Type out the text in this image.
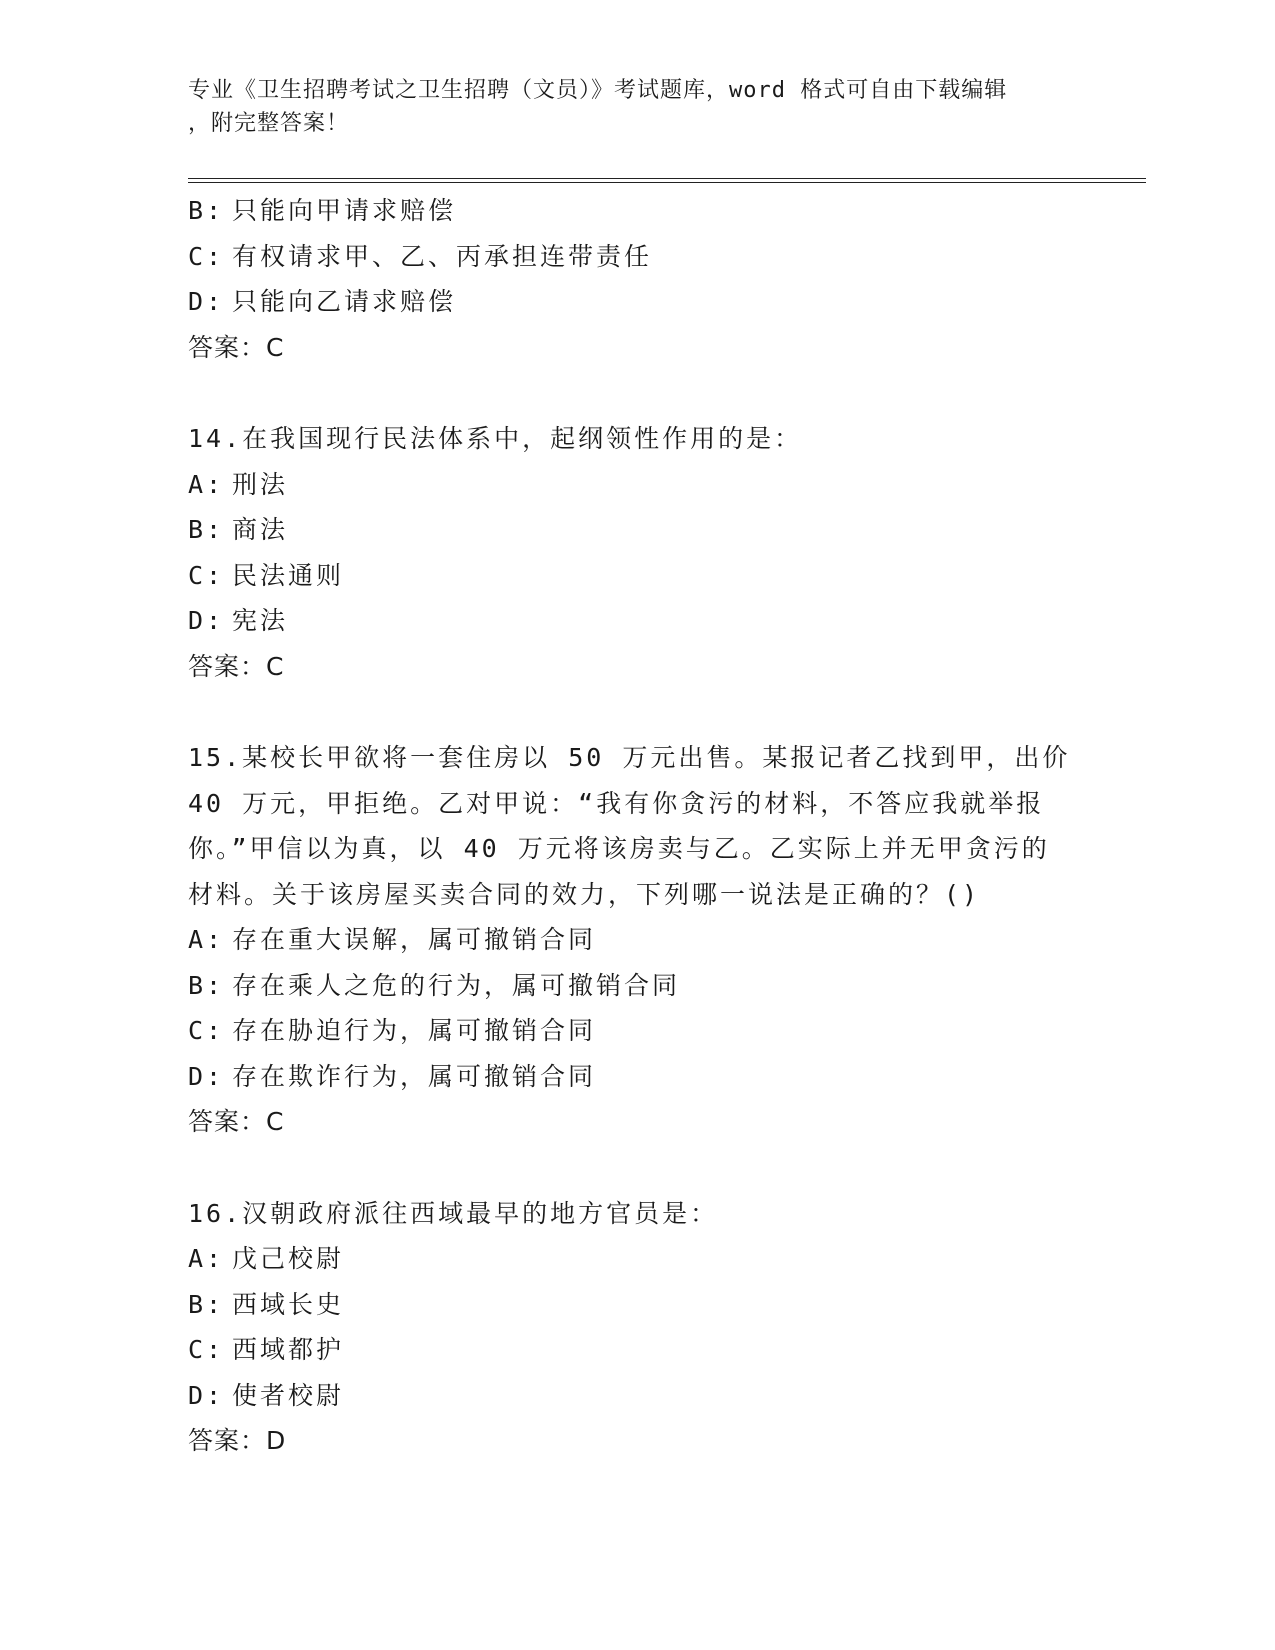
专业《卫生招聘考试之卫生招聘（文员）》考试题库，word 格式可自由下载编辑
，附完整答案！
B: 只能向甲请求赔偿
C: 有权请求甲、乙、丙承担连带责任
D: 只能向乙请求赔偿
答案：C
14.在我国现行民法体系中，起纲领性作用的是：
A: 刑法
B: 商法
C: 民法通则
D: 宪法
答案：C
15.某校长甲欲将一套住房以 50 万元出售。某报记者乙找到甲，出价
40 万元，甲拒绝。乙对甲说：“我有你贪污的材料，不答应我就举报
你。”甲信以为真，以 40 万元将该房卖与乙。乙实际上并无甲贪污的
材料。关于该房屋买卖合同的效力，下列哪一说法是正确的？()
A: 存在重大误解，属可撤销合同
B: 存在乘人之危的行为，属可撤销合同
C: 存在胁迫行为，属可撤销合同
D: 存在欺诈行为，属可撤销合同
答案：C
16.汉朝政府派往西域最早的地方官员是：
A: 戊己校尉
B: 西域长史
C: 西域都护
D: 使者校尉
答案：D
